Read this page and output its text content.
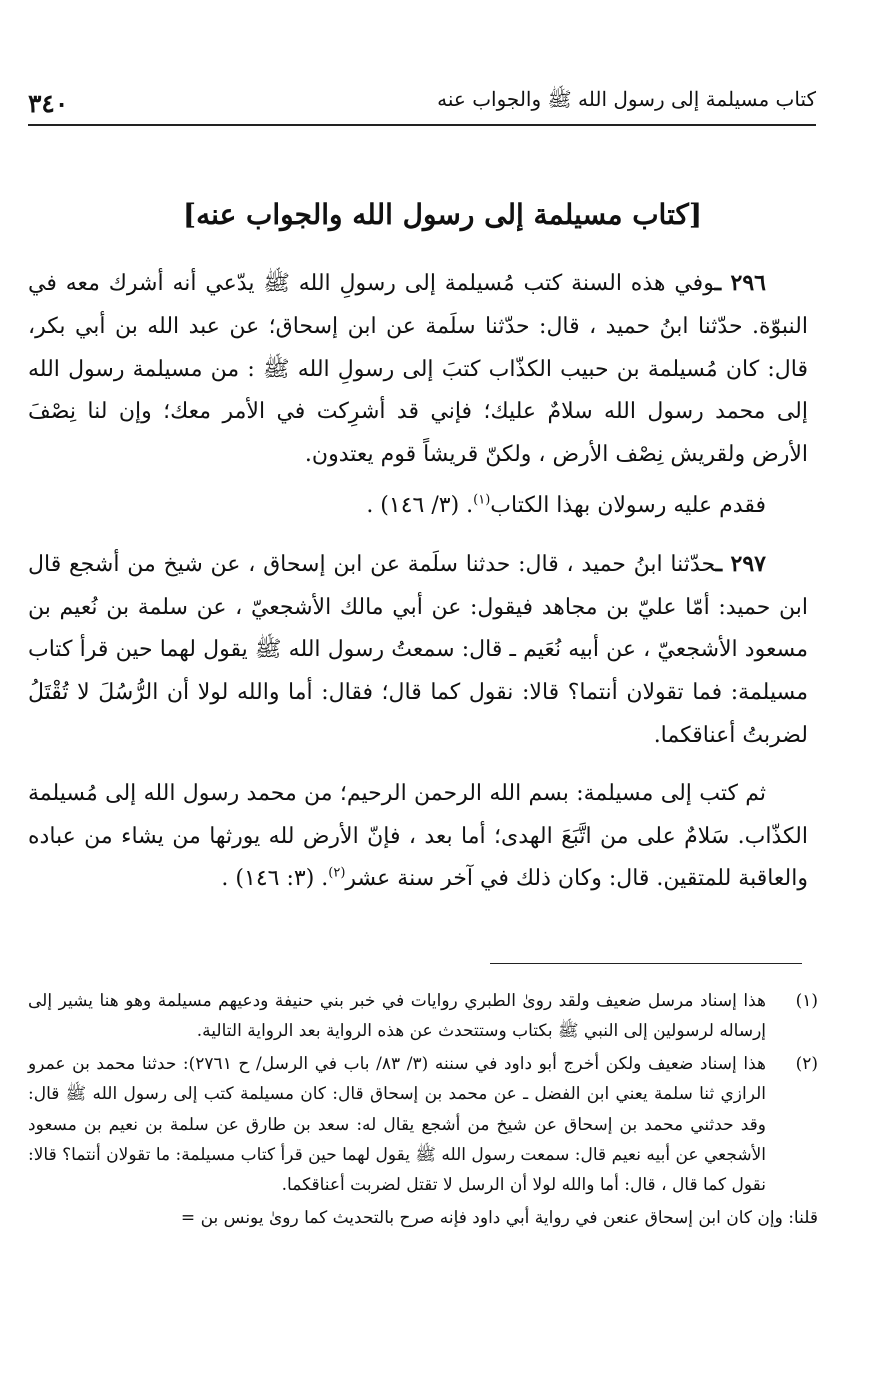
كتاب مسيلمة إلى رسول الله ﷺ والجواب عنه
٣٤٠
[كتاب مسيلمة إلى رسول الله والجواب عنه]

٢٩٦ ـوفي هذه السنة كتب مُسيلمة إلى رسولِ الله ﷺ يدّعي أنه أشرك معه في النبوّة. حدّثنا ابنُ حميد ، قال: حدّثنا سلَمة عن ابن إسحاق؛ عن عبد الله بن أبي بكر، قال: كان مُسيلمة بن حبيب الكذّاب كتبَ إلى رسولِ الله ﷺ : من مسيلمة رسول الله إلى محمد رسول الله سلامٌ عليك؛ فإني قد أشرِكت في الأمر معك؛ وإن لنا نِصْفَ الأرض ولقريش نِصْف الأرض ، ولكنّ قريشاً قوم يعتدون.

فقدم عليه رسولان بهذا الكتاب$^{(١)}$. (٣/ ١٤٦) .

٢٩٧ ـحدّثنا ابنُ حميد ، قال: حدثنا سلَمة عن ابن إسحاق ، عن شيخ من أشجع قال ابن حميد: أمّا عليّ بن مجاهد فيقول: عن أبي مالك الأشجعيّ ، عن سلمة بن نُعيم بن مسعود الأشجعيّ ، عن أبيه نُعَيم ـ قال: سمعتُ رسول الله ﷺ يقول لهما حين قرأ كتاب مسيلمة: فما تقولان أنتما؟ قالا: نقول كما قال؛ فقال: أما والله لولا أن الرُّسُلَ لا تُقْتَلُ لضربتُ أعناقكما.

ثم كتب إلى مسيلمة: بسم الله الرحمن الرحيم؛ من محمد رسول الله إلى مُسيلمة الكذّاب. سَلامٌ على من اتَّبَعَ الهدى؛ أما بعد ، فإنّ الأرض لله يورثها من يشاء من عباده والعاقبة للمتقين. قال: وكان ذلك في آخر سنة عشر$^{(٢)}$. (٣: ١٤٦) .

(١)
هذا إسناد مرسل ضعيف ولقد روىٰ الطبري روايات في خبر بني حنيفة ودعيهم مسيلمة وهو هنا يشير إلى إرساله لرسولين إلى النبي ﷺ بكتاب وستتحدث عن هذه الرواية بعد الرواية التالية.
(٢)
هذا إسناد ضعيف ولكن أخرج أبو داود في سننه (٣/ ٨٣/ باب في الرسل/ ح ٢٧٦١): حدثنا محمد بن عمرو الرازي ثنا سلمة يعني ابن الفضل ـ عن محمد بن إسحاق قال: كان مسيلمة كتب إلى رسول الله ﷺ قال: وقد حدثني محمد بن إسحاق عن شيخ من أشجع يقال له: سعد بن طارق عن سلمة بن نعيم بن مسعود الأشجعي عن أبيه نعيم قال: سمعت رسول الله ﷺ يقول لهما حين قرأ كتاب مسيلمة: ما تقولان أنتما؟ قالا: نقول كما قال ، قال: أما والله لولا أن الرسل لا تقتل لضربت أعناقكما.

قلنا: وإن كان ابن إسحاق عنعن في رواية أبي داود فإنه صرح بالتحديث كما روىٰ يونس بن =
